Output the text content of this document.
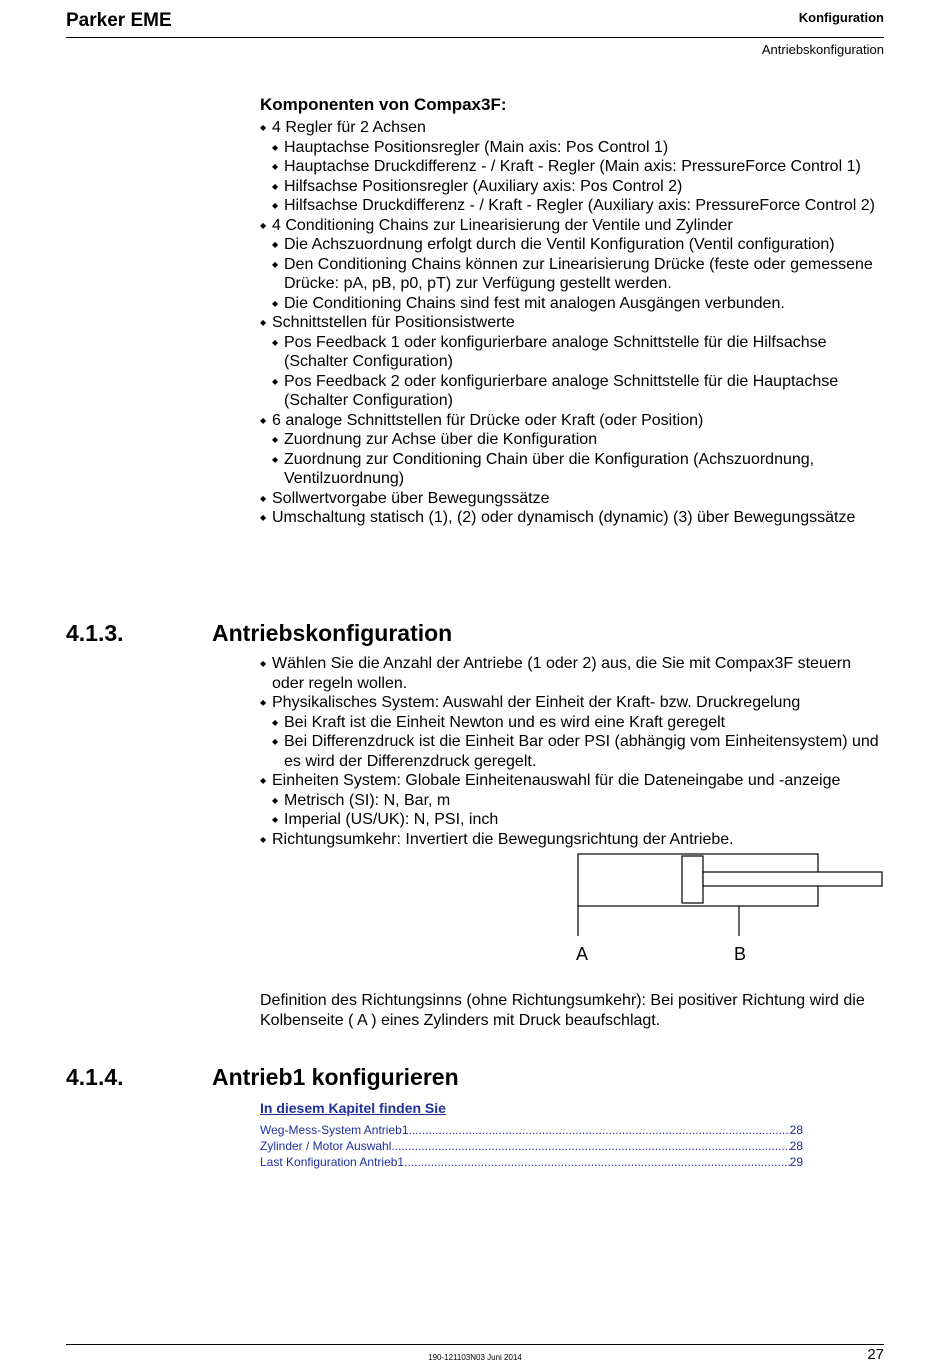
Parker EME	Konfiguration
Antriebskonfiguration
Komponenten von Compax3F:
◆ 4 Regler für 2 Achsen
◆ Hauptachse Positionsregler (Main axis: Pos Control 1)
◆ Hauptachse Druckdifferenz - / Kraft - Regler (Main axis: PressureForce Control 1)
◆ Hilfsachse Positionsregler (Auxiliary axis: Pos Control 2)
◆ Hilfsachse Druckdifferenz - / Kraft - Regler (Auxiliary axis: PressureForce Control 2)
◆ 4 Conditioning Chains zur Linearisierung der Ventile und Zylinder
◆ Die Achszuordnung erfolgt durch die Ventil Konfiguration (Ventil configuration)
◆ Den Conditioning Chains können zur Linearisierung Drücke (feste oder gemessene Drücke: pA, pB, p0, pT) zur Verfügung gestellt werden.
◆ Die Conditioning Chains sind fest mit analogen Ausgängen verbunden.
◆ Schnittstellen für Positionsistwerte
◆ Pos Feedback 1 oder konfigurierbare analoge Schnittstelle für die Hilfsachse (Schalter Configuration)
◆ Pos Feedback 2 oder konfigurierbare analoge Schnittstelle für die Hauptachse (Schalter Configuration)
◆ 6 analoge Schnittstellen für Drücke oder Kraft (oder Position)
◆ Zuordnung zur Achse über die Konfiguration
◆ Zuordnung zur Conditioning Chain über die Konfiguration (Achszuordnung, Ventilzuordnung)
◆ Sollwertvorgabe über Bewegungssätze
◆ Umschaltung statisch (1), (2) oder dynamisch (dynamic) (3) über Bewegungssätze
4.1.3.	Antriebskonfiguration
◆ Wählen Sie die Anzahl der Antriebe (1 oder 2) aus, die Sie mit Compax3F steuern oder regeln wollen.
◆ Physikalisches System: Auswahl der Einheit der Kraft- bzw. Druckregelung
◆ Bei Kraft ist die Einheit Newton und es wird eine Kraft geregelt
◆ Bei Differenzdruck ist die Einheit Bar oder PSI (abhängig vom Einheitensystem) und es wird der Differenzdruck geregelt.
◆ Einheiten System: Globale Einheitenauswahl für die Dateneingabe und -anzeige
◆ Metrisch (SI): N, Bar, m
◆ Imperial (US/UK): N, PSI, inch
◆ Richtungsumkehr: Invertiert die Bewegungsrichtung der Antriebe.
A	B

Definition des Richtungsinns (ohne Richtungsumkehr): Bei positiver Richtung wird die Kolbenseite ( A ) eines Zylinders mit Druck beaufschlagt.

4.1.4.	Antrieb1 konfigurieren
In diesem Kapitel finden Sie
Weg-Mess-System Antrieb1 .....	28
Zylinder / Motor Auswahl .....	28
Last Konfiguration Antrieb1 .....	29
190-121103N03 Juni 2014	27
